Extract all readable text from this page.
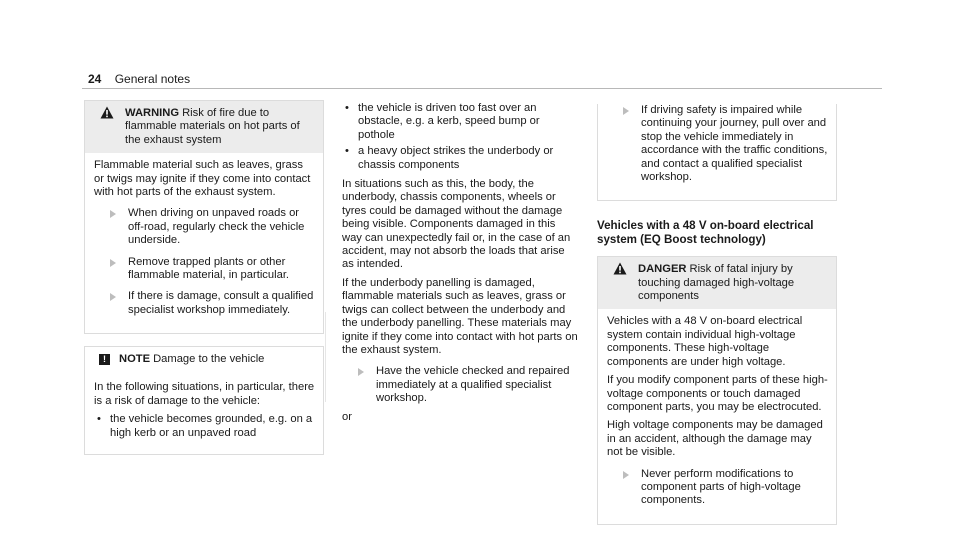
24 General notes
WARNING Risk of fire due to flammable materials on hot parts of the exhaust system

Flammable material such as leaves, grass or twigs may ignite if they come into contact with hot parts of the exhaust system.

When driving on unpaved roads or off-road, regularly check the vehicle underside.
Remove trapped plants or other flammable material, in particular.
If there is damage, consult a qualified specialist workshop immediately.
!	NOTE Damage to the vehicle

In the following situations, in particular, there is a risk of damage to the vehicle:

• the vehicle becomes grounded, e.g. on a high kerb or an unpaved road
• the vehicle is driven too fast over an obstacle, e.g. a kerb, speed bump or pothole
• a heavy object strikes the underbody or chassis components

In situations such as this, the body, the underbody, chassis components, wheels or tyres could be damaged without the damage being visible. Components damaged in this way can unexpectedly fail or, in the case of an accident, may not absorb the loads that arise as intended.

If the underbody panelling is damaged, flammable materials such as leaves, grass or twigs can collect between the underbody and the underbody panelling. These materials may ignite if they come into contact with hot parts on the exhaust system.

Have the vehicle checked and repaired immediately at a qualified specialist workshop.

or

If driving safety is impaired while continuing your journey, pull over and stop the vehicle immediately in accordance with the traffic conditions, and contact a qualified specialist workshop.
Vehicles with a 48 V on-board electrical system (EQ Boost technology)
DANGER Risk of fatal injury by touching damaged high-voltage components

Vehicles with a 48 V on-board electrical system contain individual high-voltage components. These high-voltage components are under high voltage.

If you modify component parts of these high-voltage components or touch damaged component parts, you may be electrocuted.

High voltage components may be damaged in an accident, although the damage may not be visible.

Never perform modifications to component parts of high-voltage components.
